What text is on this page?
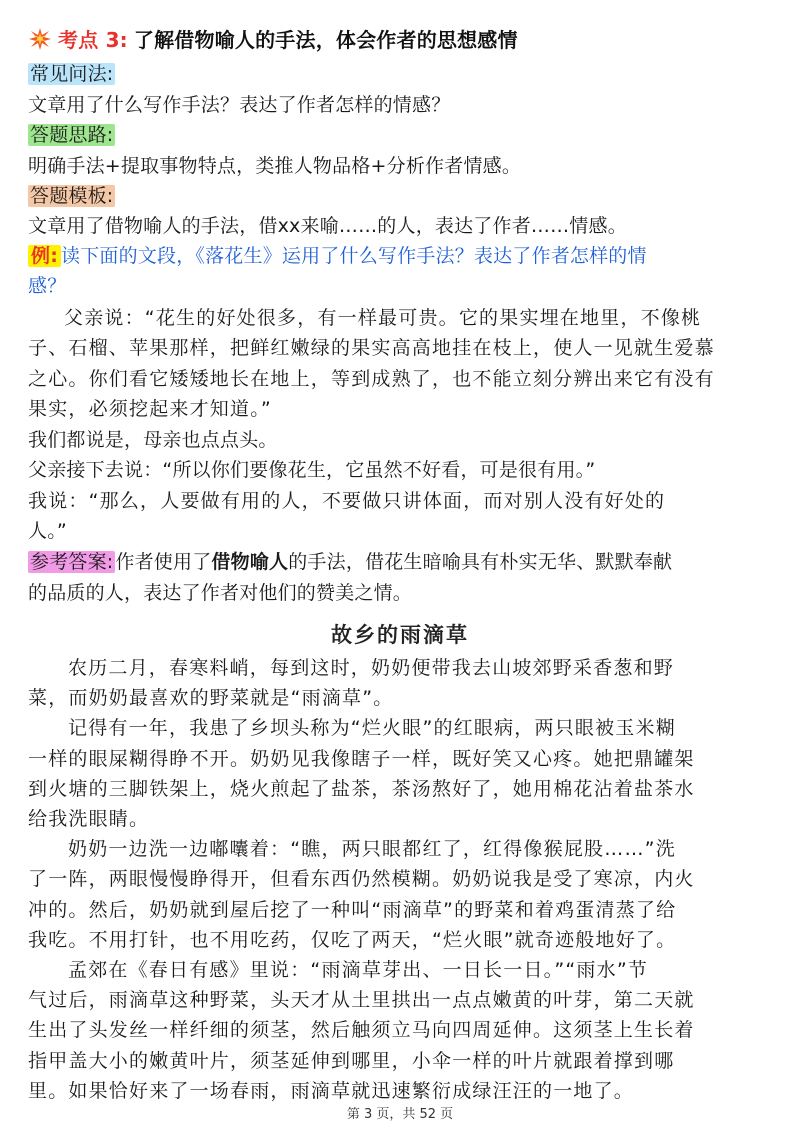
考点 3: 了解借物喻人的手法，体会作者的思想感情
常见问法:
文章用了什么写作手法？表达了作者怎样的情感？
答题思路:
明确手法+提取事物特点，类推人物品格+分析作者情感。
答题模板:
文章用了借物喻人的手法，借xx来喻……的人，表达了作者……情感。
例: 读下面的文段，《落花生》运用了什么写作手法？表达了作者怎样的情
感？
父亲说：“花生的好处很多，有一样最可贵。它的果实埋在地里，不像桃
子、石榴、苹果那样，把鲜红嫩绿的果实高高地挂在枝上，使人一见就生爱慕
之心。你们看它矮矮地长在地上，等到成熟了，也不能立刻分辨出来它有没有
果实，必须挖起来才知道。”
我们都说是，母亲也点点头。
父亲接下去说：“所以你们要像花生，它虽然不好看，可是很有用。”
我说：“那么，人要做有用的人，不要做只讲体面，而对别人没有好处的
人。”
参考答案: 作者使用了借物喻人的手法，借花生暗喻具有朴实无华、默默奉献
的品质的人，表达了作者对他们的赞美之情。
故乡的雨滴草
农历二月，春寒料峭，每到这时，奶奶便带我去山坡郊野采香葱和野
菜，而奶奶最喜欢的野菜就是“雨滴草”。
记得有一年，我患了乡坝头称为“烂火眼”的红眼病，两只眼被玉米糊
一样的眼屎糊得睁不开。奶奶见我像瞎子一样，既好笑又心疼。她把鼎罐架
到火塘的三脚铁架上，烧火煎起了盐茶，茶汤熬好了，她用棉花沾着盐茶水
给我洗眼睛。
奶奶一边洗一边嘟囔着：“瞧，两只眼都红了，红得像猴屁股……”洗
了一阵，两眼慢慢睁得开，但看东西仍然模糊。奶奶说我是受了寒凉，内火
冲的。然后，奶奶就到屋后挖了一种叫“雨滴草”的野菜和着鸡蛋清蒸了给
我吃。不用打针，也不用吃药，仅吃了两天，“烂火眼”就奇迹般地好了。
孟郊在《春日有感》里说：“雨滴草芽出、一日长一日。”“雨水”节
气过后，雨滴草这种野菜，头天才从土里拱出一点点嫩黄的叶芽，第二天就
生出了头发丝一样纤细的须茎，然后触须立马向四周延伸。这须茎上生长着
指甲盖大小的嫩黄叶片，须茎延伸到哪里，小伞一样的叶片就跟着撑到哪
第 3 页，共 52 页
里。如果恰好来了一场春雨，雨滴草就迅速繁衍成绿汪汪的一地了。
